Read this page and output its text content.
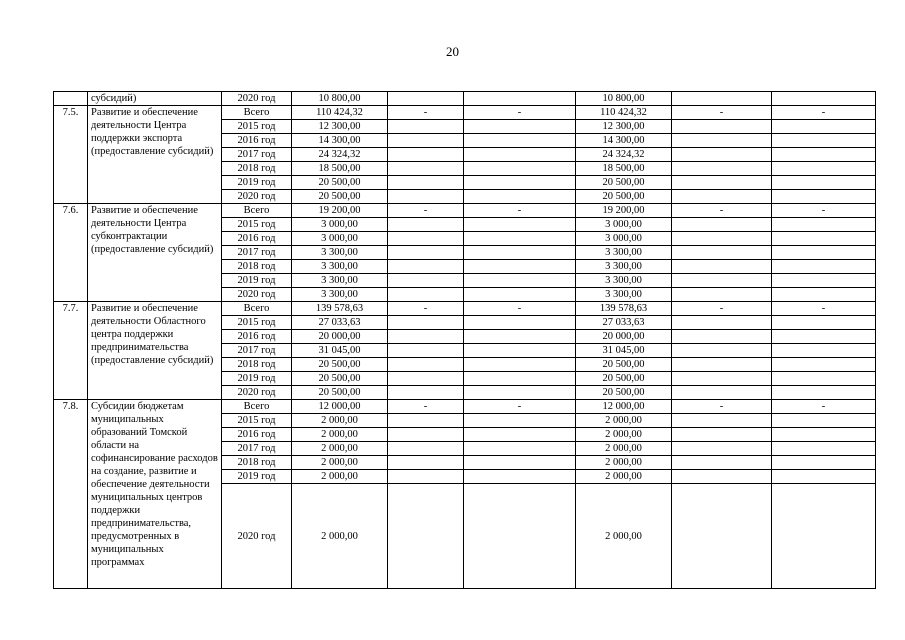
20
	субсидий)	2020 год	10 800,00			10 800,00		
7.5.	Развитие и обеспечение деятельности Центра поддержки экспорта (предоставление субсидий)	Всего	110 424,32	-	-	110 424,32	-	-
		2015 год	12 300,00			12 300,00		
		2016 год	14 300,00			14 300,00		
		2017 год	24 324,32			24 324,32		
		2018 год	18 500,00			18 500,00		
		2019 год	20 500,00			20 500,00		
		2020 год	20 500,00			20 500,00		
7.6.	Развитие и обеспечение деятельности Центра субконтрактации (предоставление субсидий)	Всего	19 200,00	-	-	19 200,00	-	-
		2015 год	3 000,00			3 000,00		
		2016 год	3 000,00			3 000,00		
		2017 год	3 300,00			3 300,00		
		2018 год	3 300,00			3 300,00		
		2019 год	3 300,00			3 300,00		
		2020 год	3 300,00			3 300,00		
7.7.	Развитие и обеспечение деятельности Областного центра поддержки предпринимательства (предоставление субсидий)	Всего	139 578,63	-	-	139 578,63	-	-
		2015 год	27 033,63			27 033,63		
		2016 год	20 000,00			20 000,00		
		2017 год	31 045,00			31 045,00		
		2018 год	20 500,00			20 500,00		
		2019 год	20 500,00			20 500,00		
		2020 год	20 500,00			20 500,00		
7.8.	Субсидии бюджетам муниципальных образований Томской области на софинансирование расходов на создание, развитие и обеспечение деятельности муниципальных центров поддержки предпринимательства, предусмотренных в муниципальных программах	Всего	12 000,00	-	-	12 000,00	-	-
		2015 год	2 000,00			2 000,00		
		2016 год	2 000,00			2 000,00		
		2017 год	2 000,00			2 000,00		
		2018 год	2 000,00			2 000,00		
		2019 год	2 000,00			2 000,00		
		2020 год	2 000,00			2 000,00		
